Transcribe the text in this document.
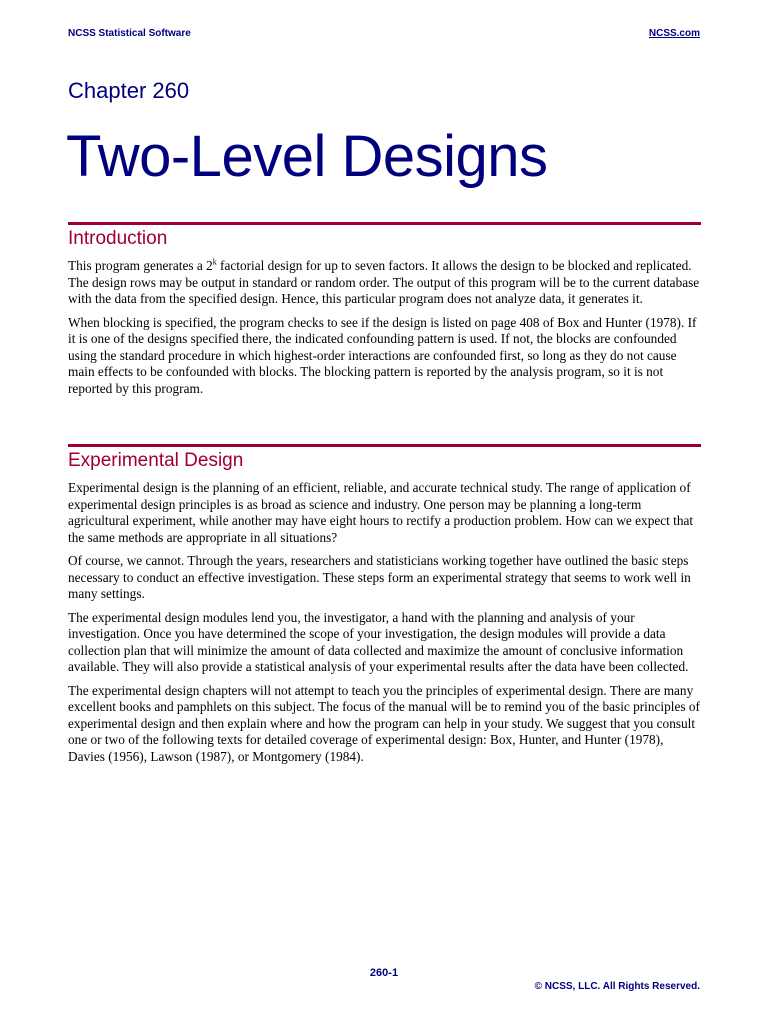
NCSS Statistical Software	NCSS.com
Chapter 260
Two-Level Designs
Introduction

This program generates a 2$^k$ factorial design for up to seven factors. It allows the design to be blocked and replicated. The design rows may be output in standard or random order. The output of this program will be to the current database with the data from the specified design. Hence, this particular program does not analyze data, it generates it.

When blocking is specified, the program checks to see if the design is listed on page 408 of Box and Hunter (1978). If it is one of the designs specified there, the indicated confounding pattern is used. If not, the blocks are confounded using the standard procedure in which highest-order interactions are confounded first, so long as they do not cause main effects to be confounded with blocks. The blocking pattern is reported by the analysis program, so it is not reported by this program.

Experimental Design

Experimental design is the planning of an efficient, reliable, and accurate technical study. The range of application of experimental design principles is as broad as science and industry. One person may be planning a long-term agricultural experiment, while another may have eight hours to rectify a production problem. How can we expect that the same methods are appropriate in all situations?

Of course, we cannot. Through the years, researchers and statisticians working together have outlined the basic steps necessary to conduct an effective investigation. These steps form an experimental strategy that seems to work well in many settings.

The experimental design modules lend you, the investigator, a hand with the planning and analysis of your investigation. Once you have determined the scope of your investigation, the design modules will provide a data collection plan that will minimize the amount of data collected and maximize the amount of conclusive information available. They will also provide a statistical analysis of your experimental results after the data have been collected.

The experimental design chapters will not attempt to teach you the principles of experimental design. There are many excellent books and pamphlets on this subject. The focus of the manual will be to remind you of the basic principles of experimental design and then explain where and how the program can help in your study. We suggest that you consult one or two of the following texts for detailed coverage of experimental design: Box, Hunter, and Hunter (1978), Davies (1956), Lawson (1987), or Montgomery (1984).

260-1
© NCSS, LLC. All Rights Reserved.
